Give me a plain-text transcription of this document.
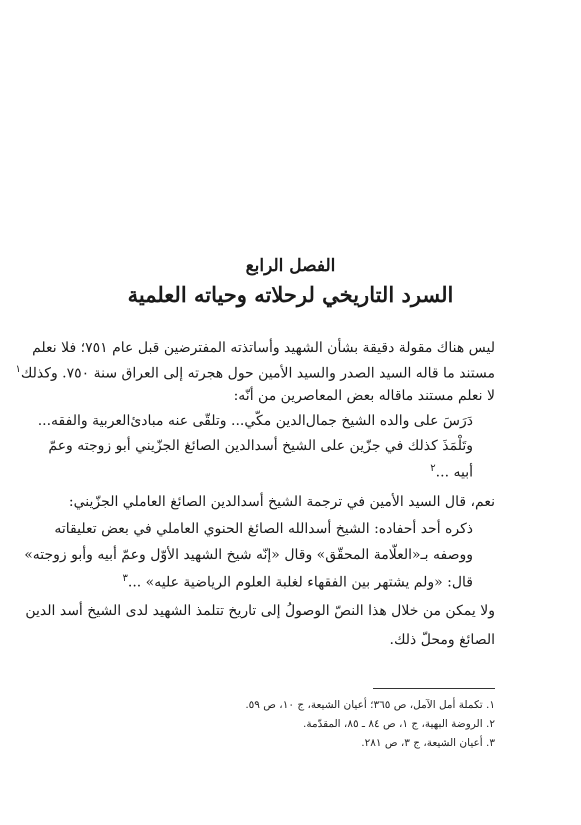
الفصل الرابع
السرد التاريخي لرحلاته وحياته العلمية
ليس هناك مقولة دقيقة بشأن الشهيد وأساتذته المفترضين قبل عام ٧٥١؛ فلا نعلم
مستند ما قاله السيد الصدر والسيد الأمين حول هجرته إلى العراق سنة ٧٥٠. وكذلك$^١$
لا نعلم مستند ماقاله بعض المعاصرين من أنّه:
دَرَسَ على والده الشيخ جمال‌الدين مكّي... وتلقّى عنه مبادئ‌العربية والفقه...
وتَلْمَذَ كذلك في جزّين على الشيخ أسدالدين الصائغ الجزّيني أبو زوجته وعمّ
أبيه ...$^٢$
نعم، قال السيد الأمين في ترجمة الشيخ أسدالدين الصائغ العاملي الجزّيني:
ذكره أحد أحفاده: الشيخ أسدالله الصائغ الحنوي العاملي في بعض تعليقاته
ووصفه بـ«العلّامة المحقّق» وقال «إنّه شيخ الشهيد الأوّل وعمّ أبيه وأبو زوجته»
قال: «ولم يشتهر بين الفقهاء لغلبة العلوم الرياضية عليه» ...$^٣$
ولا يمكن من خلال هذا النصّ الوصولُ إلى تاريخ تتلمذ الشهيد لدى الشيخ أسد الدين
الصائغ ومحلّ ذلك.
١. تكملة أمل الآمل، ص ٣٦٥؛ أعيان الشيعة، ج ١٠، ص ٥٩.
٢. الروضة البهية، ج ١، ص ٨٤ ـ ٨٥، المقدّمة.
٣. أعيان الشيعة، ج ٣، ص ٢٨١.
